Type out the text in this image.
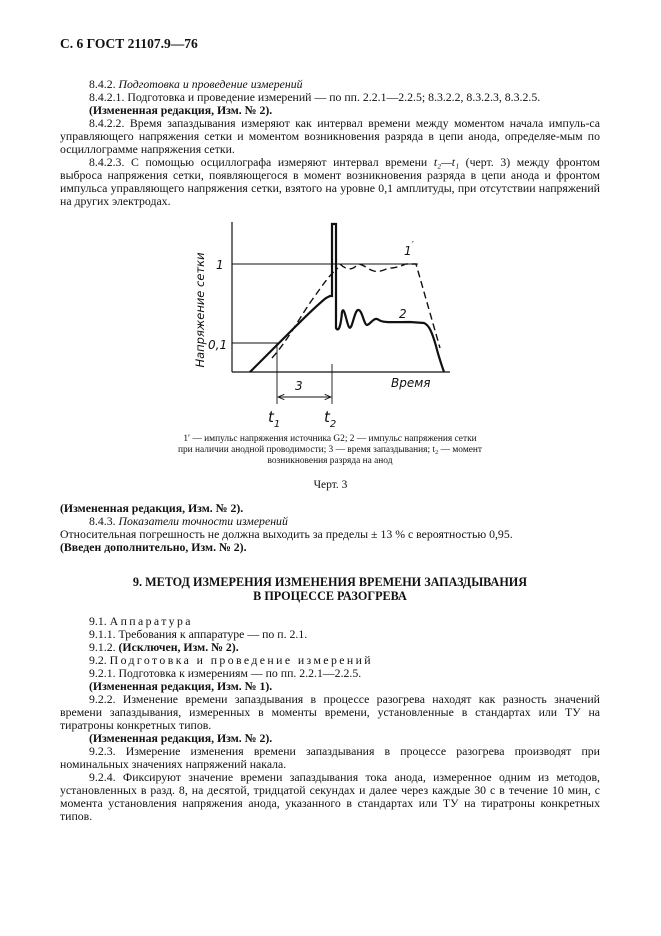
С. 6 ГОСТ 21107.9—76

8.4.2. Подготовка и проведение измерений

8.4.2.1. Подготовка и проведение измерений — по пп. 2.2.1—2.2.5; 8.3.2.2, 8.3.2.3, 8.3.2.5.

(Измененная редакция, Изм. № 2).

8.4.2.2. Время запаздывания измеряют как интервал времени между моментом начала импуль-са управляющего напряжения сетки и моментом возникновения разряда в цепи анода, определяе-мым по осциллограмме напряжения сетки.

8.4.2.3. С помощью осциллографа измеряют интервал времени t₂—t₁ (черт. 3) между фронтом выброса напряжения сетки, появляющегося в момент возникновения разряда в цепи анода и фронтом импульса управляющего напряжения сетки, взятого на уровне 0,1 амплитуды, при отсутствии напряжений на других электродах.

Напряжение сетки
Время
1
0,1
$t_1$	$t_2$
1′
2
3
1′ — импульс напряжения источника G2; 2 — импульс напряжения сетки
при наличии анодной проводимости; 3 — время запаздывания; t₂ — момент
возникновения разряда на анод
Черт. 3

(Измененная редакция, Изм. № 2).

8.4.3. Показатели точности измерений

Относительная погрешность не должна выходить за пределы ± 13 % с вероятностью 0,95.

(Введен дополнительно, Изм. № 2).

9. МЕТОД ИЗМЕРЕНИЯ ИЗМЕНЕНИЯ ВРЕМЕНИ ЗАПАЗДЫВАНИЯ
В ПРОЦЕССЕ РАЗОГРЕВА

9.1. Аппаратура

9.1.1. Требования к аппаратуре — по п. 2.1.

9.1.2. (Исключен, Изм. № 2).

9.2. Подготовка и проведение измерений

9.2.1. Подготовка к измерениям — по пп. 2.2.1—2.2.5.

(Измененная редакция, Изм. № 1).

9.2.2. Изменение времени запаздывания в процессе разогрева находят как разность значений времени запаздывания, измеренных в моменты времени, установленные в стандартах или ТУ на тиратроны конкретных типов.

(Измененная редакция, Изм. № 2).

9.2.3. Измерение изменения времени запаздывания в процессе разогрева производят при номинальных значениях напряжений накала.

9.2.4. Фиксируют значение времени запаздывания тока анода, измеренное одним из методов, установленных в разд. 8, на десятой, тридцатой секундах и далее через каждые 30 с в течение 10 мин, с момента установления напряжения анода, указанного в стандартах или ТУ на тиратроны конкретных типов.
